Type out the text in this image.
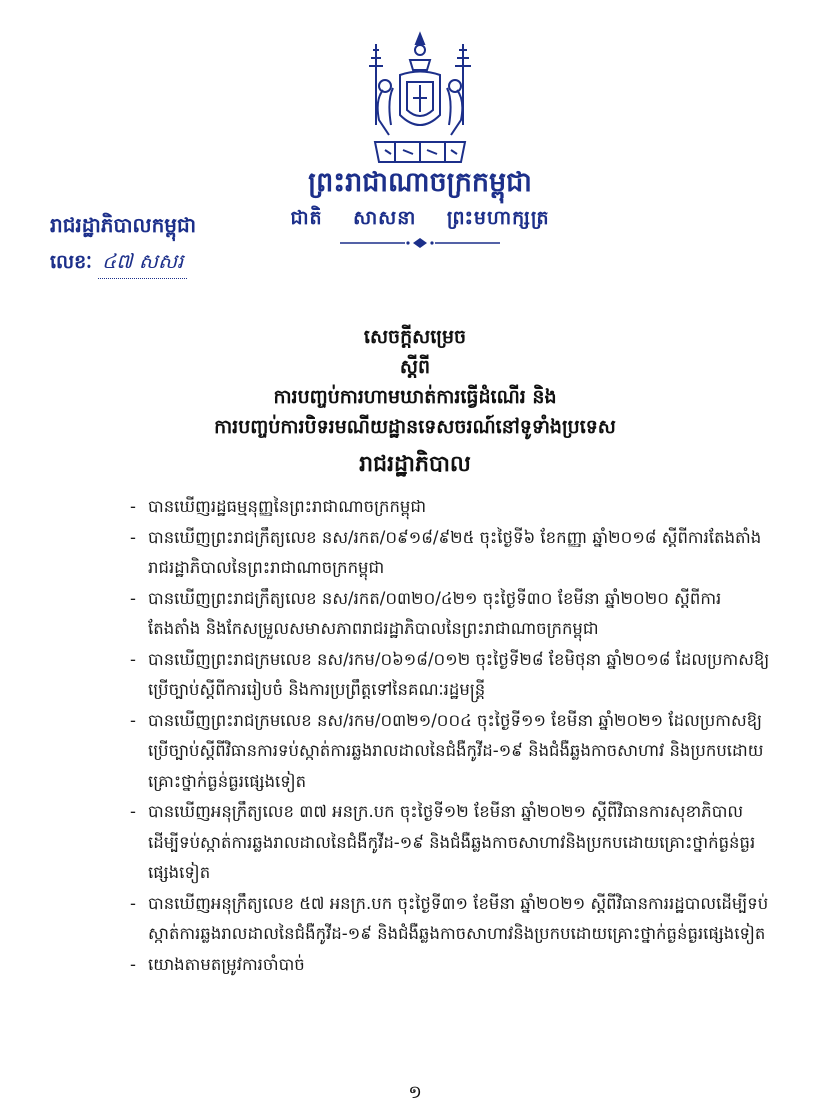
ព្រះរាជាណាចក្រកម្ពុជា
ជាតិ សាសនា ព្រះមហាក្សត្រ
រាជរដ្ឋាភិបាលកម្ពុជា
លេខៈ ៤៧ សសរ
សេចក្តីសម្រេច
ស្តីពី
ការបញ្ចប់ការហាមឃាត់ការធ្វើដំណើរ និង
ការបញ្ចប់ការបិទរមណីយដ្ឋានទេសចរណ៍នៅទូទាំងប្រទេស
រាជរដ្ឋាភិបាល

- បានឃើញរដ្ឋធម្មនុញ្ញនៃព្រះរាជាណាចក្រកម្ពុជា

- បានឃើញព្រះរាជក្រឹត្យលេខ នស/រកត/០៩១៨/៩២៥ ចុះថ្ងៃទី៦ ខែកញ្ញា ឆ្នាំ២០១៨ ស្តីពីការតែងតាំងរាជរដ្ឋាភិបាលនៃព្រះរាជាណាចក្រកម្ពុជា

- បានឃើញព្រះរាជក្រឹត្យលេខ នស/រកត/០៣២០/៤២១ ចុះថ្ងៃទី៣០ ខែមីនា ឆ្នាំ២០២០ ស្តីពីការតែងតាំង និងកែសម្រួលសមាសភាពរាជរដ្ឋាភិបាលនៃព្រះរាជាណាចក្រកម្ពុជា

- បានឃើញព្រះរាជក្រមលេខ នស/រកម/០៦១៨/០១២ ចុះថ្ងៃទី២៨ ខែមិថុនា ឆ្នាំ២០១៨ ដែលប្រកាសឱ្យប្រើច្បាប់ស្តីពីការរៀបចំ និងការប្រព្រឹត្តទៅនៃគណៈរដ្ឋមន្ត្រី

- បានឃើញព្រះរាជក្រមលេខ នស/រកម/០៣២១/០០៤ ចុះថ្ងៃទី១១ ខែមីនា ឆ្នាំ២០២១ ដែលប្រកាសឱ្យប្រើច្បាប់ស្តីពីវិធានការទប់ស្កាត់ការឆ្លងរាលដាលនៃជំងឺកូវីដ-១៩ និងជំងឺឆ្លងកាចសាហាវ និងប្រកបដោយគ្រោះថ្នាក់ធ្ងន់ធ្ងរផ្សេងទៀត

- បានឃើញអនុក្រឹត្យលេខ ៣៧ អនក្រ.បក ចុះថ្ងៃទី១២ ខែមីនា ឆ្នាំ២០២១ ស្តីពីវិធានការសុខាភិបាលដើម្បីទប់ស្កាត់ការឆ្លងរាលដាលនៃជំងឺកូវីដ-១៩ និងជំងឺឆ្លងកាចសាហាវនិងប្រកបដោយគ្រោះថ្នាក់ធ្ងន់ធ្ងរផ្សេងទៀត

- បានឃើញអនុក្រឹត្យលេខ ៥៧ អនក្រ.បក ចុះថ្ងៃទី៣១ ខែមីនា ឆ្នាំ២០២១ ស្តីពីវិធានការរដ្ឋបាលដើម្បីទប់ស្កាត់ការឆ្លងរាលដាលនៃជំងឺកូវីដ-១៩ និងជំងឺឆ្លងកាចសាហាវនិងប្រកបដោយគ្រោះថ្នាក់ធ្ងន់ធ្ងរផ្សេងទៀត

- យោងតាមតម្រូវការចាំបាច់

១
